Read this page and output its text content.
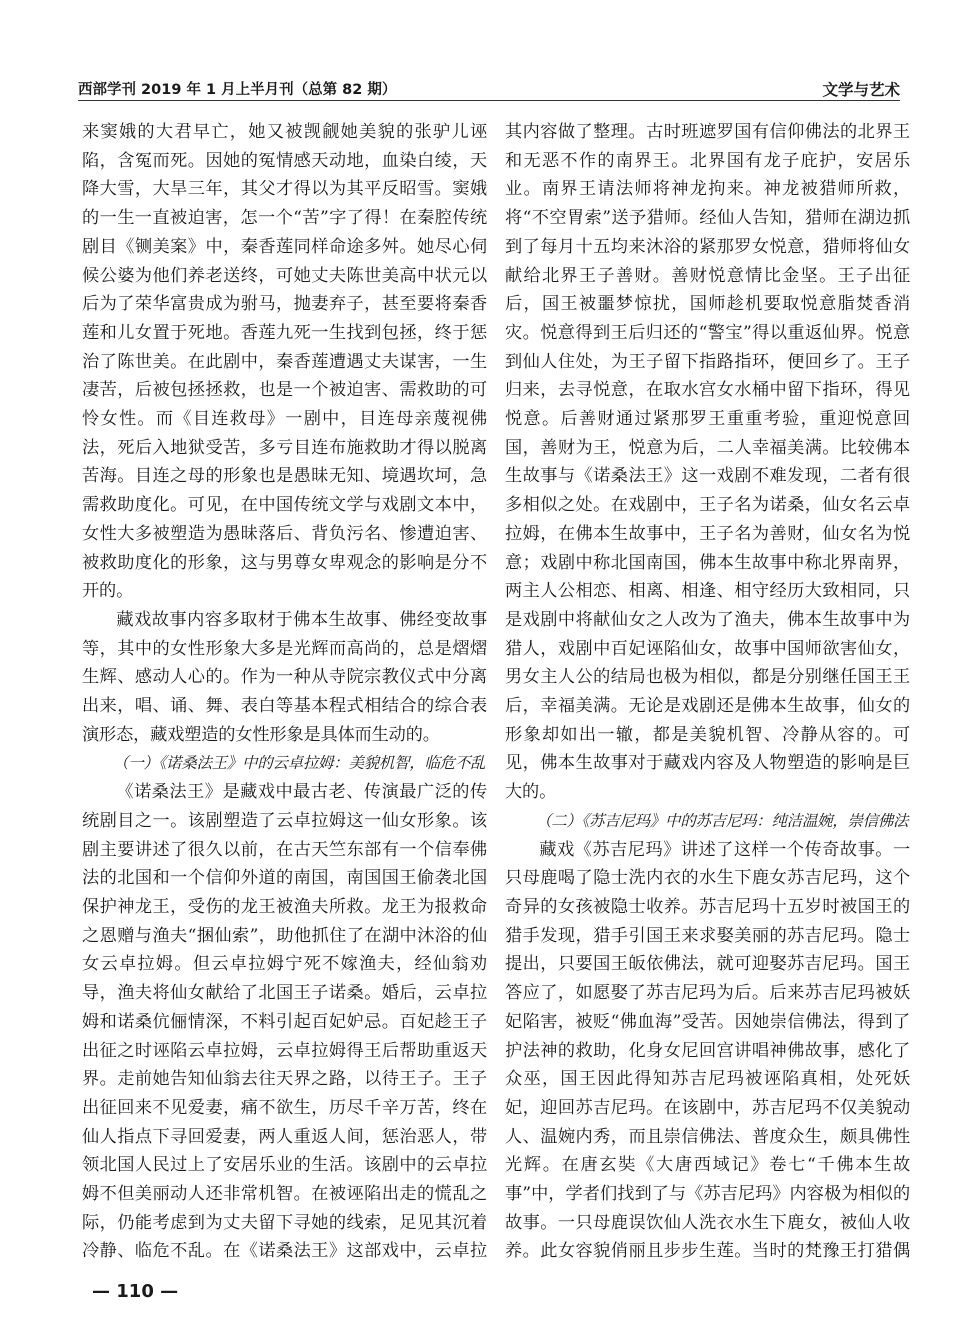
西部学刊 2019 年 1 月上半月刊（总第 82 期）	文学与艺术

来窦娥的大君早亡，她又被觊觎她美貌的张驴儿诬陷，含冤而死。因她的冤情感天动地，血染白绫，天降大雪，大旱三年，其父才得以为其平反昭雪。窦娥的一生一直被迫害，怎一个“苦”字了得！在秦腔传统剧目《铡美案》中，秦香莲同样命途多舛。她尽心伺候公婆为他们养老送终，可她丈夫陈世美高中状元以后为了荣华富贵成为驸马，抛妻弃子，甚至要将秦香莲和儿女置于死地。香莲九死一生找到包拯，终于惩治了陈世美。在此剧中，秦香莲遭遇丈夫谋害，一生凄苦，后被包拯拯救，也是一个被迫害、需救助的可怜女性。而《目连救母》一剧中，目连母亲蔑视佛法，死后入地狱受苦，多亏目连布施救助才得以脱离苦海。目连之母的形象也是愚昧无知、境遇坎坷，急需救助度化。可见，在中国传统文学与戏剧文本中，女性大多被塑造为愚昧落后、背负污名、惨遭迫害、被救助度化的形象，这与男尊女卑观念的影响是分不开的。

藏戏故事内容多取材于佛本生故事、佛经变故事等，其中的女性形象大多是光辉而高尚的，总是熠熠生辉、感动人心的。作为一种从寺院宗教仪式中分离出来，唱、诵、舞、表白等基本程式相结合的综合表演形态，藏戏塑造的女性形象是具体而生动的。

（一）《诺桑法王》中的云卓拉姆：美貌机智，临危不乱

《诺桑法王》是藏戏中最古老、传演最广泛的传统剧目之一。该剧塑造了云卓拉姆这一仙女形象。该剧主要讲述了很久以前，在古天竺东部有一个信奉佛法的北国和一个信仰外道的南国，南国国王偷袭北国保护神龙王，受伤的龙王被渔夫所救。龙王为报救命之恩赠与渔夫“捆仙索”，助他抓住了在湖中沐浴的仙女云卓拉姆。但云卓拉姆宁死不嫁渔夫，经仙翁劝导，渔夫将仙女献给了北国王子诺桑。婚后，云卓拉姆和诺桑伉俪情深，不料引起百妃妒忌。百妃趁王子出征之时诬陷云卓拉姆，云卓拉姆得王后帮助重返天界。走前她告知仙翁去往天界之路，以待王子。王子出征回来不见爱妻，痛不欲生，历尽千辛万苦，终在仙人指点下寻回爱妻，两人重返人间，惩治恶人，带领北国人民过上了安居乐业的生活。该剧中的云卓拉姆不但美丽动人还非常机智。在被诬陷出走的慌乱之际，仍能考虑到为丈夫留下寻她的线索，足见其沉着冷静、临危不乱。在《诺桑法王》这部戏中，云卓拉

其内容做了整理。古时班遮罗国有信仰佛法的北界王和无恶不作的南界王。北界国有龙子庇护，安居乐业。南界王请法师将神龙拘来。神龙被猎师所救，将“不空胃索”送予猎师。经仙人告知，猎师在湖边抓到了每月十五均来沐浴的紧那罗女悦意，猎师将仙女献给北界王子善财。善财悦意情比金坚。王子出征后，国王被噩梦惊扰，国师趁机要取悦意脂焚香消灾。悦意得到王后归还的“警宝”得以重返仙界。悦意到仙人住处，为王子留下指路指环，便回乡了。王子归来，去寻悦意，在取水宫女水桶中留下指环，得见悦意。后善财通过紧那罗王重重考验，重迎悦意回国，善财为王，悦意为后，二人幸福美满。比较佛本生故事与《诺桑法王》这一戏剧不难发现，二者有很多相似之处。在戏剧中，王子名为诺桑，仙女名云卓拉姆，在佛本生故事中，王子名为善财，仙女名为悦意；戏剧中称北国南国，佛本生故事中称北界南界，两主人公相恋、相离、相逢、相守经历大致相同，只是戏剧中将献仙女之人改为了渔夫，佛本生故事中为猎人，戏剧中百妃诬陷仙女，故事中国师欲害仙女，男女主人公的结局也极为相似，都是分别继任国王王后，幸福美满。无论是戏剧还是佛本生故事，仙女的形象却如出一辙，都是美貌机智、冷静从容的。可见，佛本生故事对于藏戏内容及人物塑造的影响是巨大的。

（二）《苏吉尼玛》中的苏吉尼玛：纯洁温婉，崇信佛法

藏戏《苏吉尼玛》讲述了这样一个传奇故事。一只母鹿喝了隐士洗内衣的水生下鹿女苏吉尼玛，这个奇异的女孩被隐士收养。苏吉尼玛十五岁时被国王的猎手发现，猎手引国王来求娶美丽的苏吉尼玛。隐士提出，只要国王皈依佛法，就可迎娶苏吉尼玛。国王答应了，如愿娶了苏吉尼玛为后。后来苏吉尼玛被妖妃陷害，被贬“佛血海”受苦。因她崇信佛法，得到了护法神的救助，化身女尼回宫讲唱神佛故事，感化了众巫，国王因此得知苏吉尼玛被诬陷真相，处死妖妃，迎回苏吉尼玛。在该剧中，苏吉尼玛不仅美貌动人、温婉内秀，而且崇信佛法、普度众生，颇具佛性光辉。在唐玄奘《大唐西域记》卷七“千佛本生故事”中，学者们找到了与《苏吉尼玛》内容极为相似的故事。一只母鹿误饮仙人洗衣水生下鹿女，被仙人收养。此女容貌俏丽且步步生莲。当时的梵豫王打猎偶

— 110 —
